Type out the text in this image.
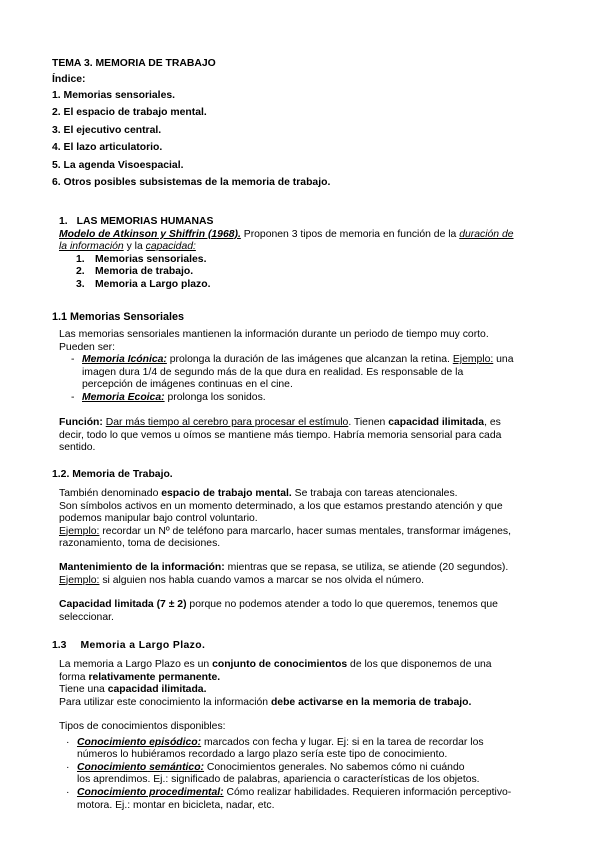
TEMA 3. MEMORIA DE TRABAJO
Índice:
1. Memorias sensoriales.
2. El espacio de trabajo mental.
3. El ejecutivo central.
4. El lazo articulatorio.
5. La agenda Visoespacial.
6. Otros posibles subsistemas de la memoria de trabajo.
1. LAS MEMORIAS HUMANAS
Modelo de Atkinson y Shiffrin (1968). Proponen 3 tipos de memoria en función de la duración de
la información y la capacidad:
1. Memorias sensoriales.
2. Memoria de trabajo.
3. Memoria a Largo plazo.
1.1 Memorias Sensoriales
Las memorias sensoriales mantienen la información durante un periodo de tiempo muy corto.
Pueden ser:
- Memoria Icónica: prolonga la duración de las imágenes que alcanzan la retina. Ejemplo: una
imagen dura 1/4 de segundo más de la que dura en realidad. Es responsable de la
percepción de imágenes continuas en el cine.
- Memoria Ecoica: prolonga los sonidos.
Función: Dar más tiempo al cerebro para procesar el estímulo. Tienen capacidad ilimitada, es
decir, todo lo que vemos u oímos se mantiene más tiempo. Habría memoria sensorial para cada
sentido.
1.2. Memoria de Trabajo.
También denominado espacio de trabajo mental. Se trabaja con tareas atencionales.
Son símbolos activos en un momento determinado, a los que estamos prestando atención y que
podemos manipular bajo control voluntario.
Ejemplo: recordar un Nº de teléfono para marcarlo, hacer sumas mentales, transformar imágenes,
razonamiento, toma de decisiones.
Mantenimiento de la información: mientras que se repasa, se utiliza, se atiende (20 segundos).
Ejemplo: si alguien nos habla cuando vamos a marcar se nos olvida el número.
Capacidad limitada (7 ± 2) porque no podemos atender a todo lo que queremos, tenemos que
seleccionar.
1.3 Memoria a Largo Plazo.
La memoria a Largo Plazo es un conjunto de conocimientos de los que disponemos de una
forma relativamente permanente.
Tiene una capacidad ilimitada.
Para utilizar este conocimiento la información debe activarse en la memoria de trabajo.
Tipos de conocimientos disponibles:
· Conocimiento episódico: marcados con fecha y lugar. Ej: si en la tarea de recordar los
números lo hubiéramos recordado a largo plazo sería este tipo de conocimiento.
· Conocimiento semántico: Conocimientos generales. No sabemos cómo ni cuándo
los aprendimos. Ej.: significado de palabras, apariencia o características de los objetos.
· Conocimiento procedimental: Cómo realizar habilidades. Requieren información perceptivo-
motora. Ej.: montar en bicicleta, nadar, etc.
